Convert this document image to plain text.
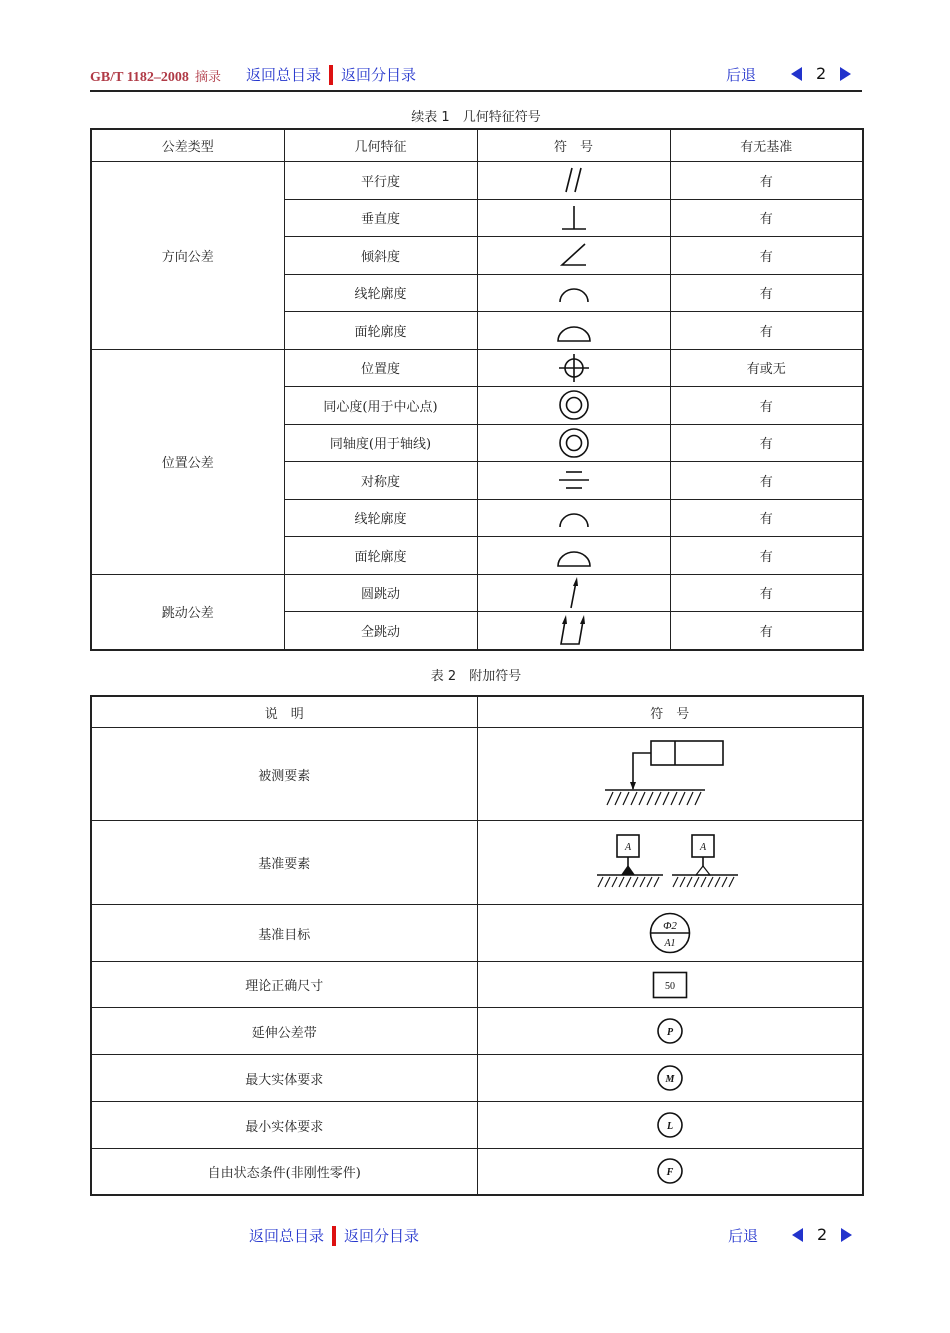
GB/T 1182–2008 摘录 返回总目录 返回分目录	后退	2
续表 1　几何特征符号
公差类型	几何特征	符　号	有无基准
方向公差	平行度		有
	垂直度		有
	倾斜度		有
	线轮廓度		有
	面轮廓度		有
位置公差	位置度		有或无
	同心度(用于中心点)		有
	同轴度(用于轴线)		有
	对称度		有
	线轮廓度		有
	面轮廓度		有
跳动公差	圆跳动		有
	全跳动		有
表 2　附加符号
说　明	符　号
被测要素	

基准要素	A A

基准目标	Φ2
A1

理论正确尺寸	50

延伸公差带	P

最大实体要求	M

最小实体要求	L

自由状态条件(非刚性零件)	F
返回总目录 返回分目录	后退	2
